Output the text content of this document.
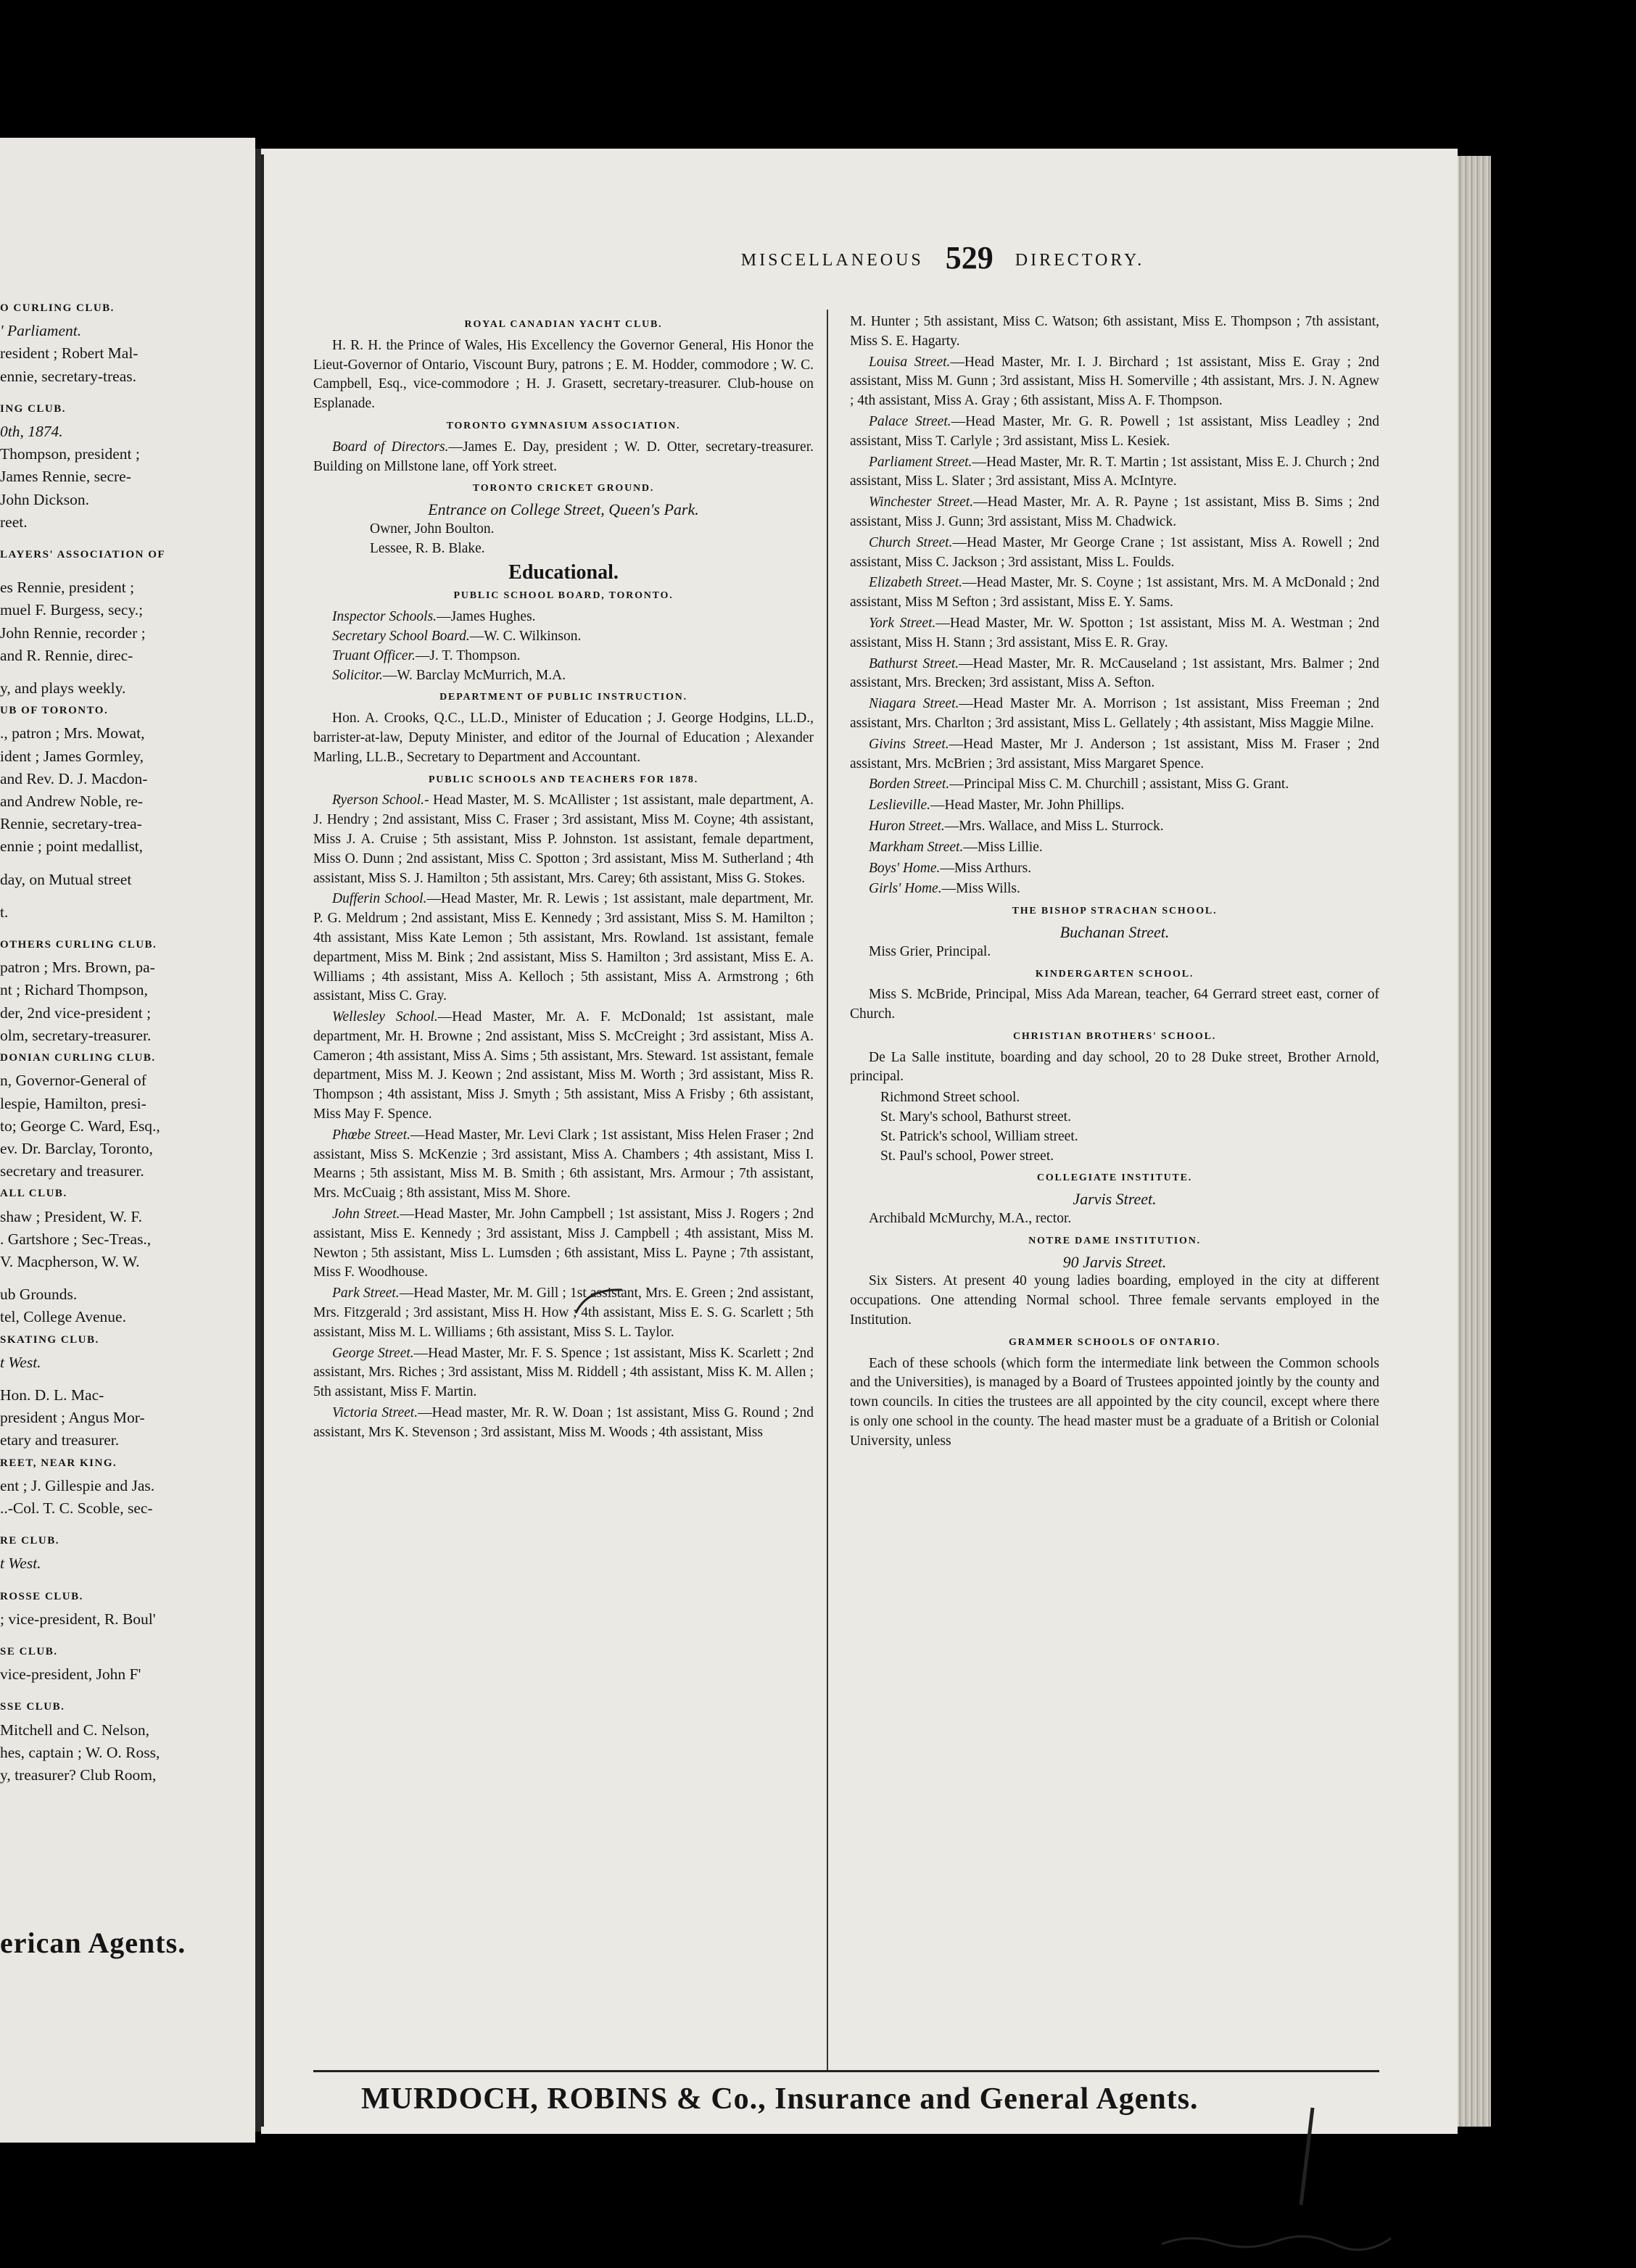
O CURLING CLUB.
' Parliament.
resident ; Robert Mal-
ennie, secretary-treas.
ING CLUB.
0th, 1874.
Thompson, president ;
James Rennie, secre-
John Dickson.
reet.
LAYERS' ASSOCIATION OF
es Rennie, president ;
muel F. Burgess, secy.;
John Rennie, recorder ;
and R. Rennie, direc-
y, and plays weekly.
UB OF TORONTO.
., patron ; Mrs. Mowat,
ident ; James Gormley,
and Rev. D. J. Macdon-
and Andrew Noble, re-
Rennie, secretary-trea-
ennie ; point medallist,
day, on Mutual street
t.
OTHERS CURLING CLUB.
patron ; Mrs. Brown, pa-
nt ; Richard Thompson,
der, 2nd vice-president ;
olm, secretary-treasurer.
DONIAN CURLING CLUB.
n, Governor-General of
lespie, Hamilton, presi-
to; George C. Ward, Esq.,
ev. Dr. Barclay, Toronto,
secretary and treasurer.
ALL CLUB.
shaw ; President, W. F.
. Gartshore ; Sec-Treas.,
V. Macpherson, W. W.
ub Grounds.
tel, College Avenue.
SKATING CLUB.
t West.
Hon. D. L. Mac-
president ; Angus Mor-
etary and treasurer.
REET, NEAR KING.
ent ; J. Gillespie and Jas.
..-Col. T. C. Scoble, sec-
RE CLUB.
t West.
ROSSE CLUB.
; vice-president, R. Boul'
SE CLUB.
vice-president, John F'
SSE CLUB.
Mitchell and C. Nelson,
hes, captain ; W. O. Ross,
y, treasurer? Club Room,
erican Agents.
MISCELLANEOUS 529 DIRECTORY.
ROYAL CANADIAN YACHT CLUB.

H. R. H. the Prince of Wales, His Excellency the Governor General, His Honor the Lieut-Governor of Ontario, Viscount Bury, patrons ; E. M. Hodder, commodore ; W. C. Campbell, Esq., vice-commodore ; H. J. Grasett, secretary-treasurer. Club-house on Esplanade.

TORONTO GYMNASIUM ASSOCIATION.

Board of Directors.—James E. Day, president ; W. D. Otter, secretary-treasurer. Building on Millstone lane, off York street.

TORONTO CRICKET GROUND.
Entrance on College Street, Queen's Park.
Owner, John Boulton.
Lessee, R. B. Blake.
Educational.
PUBLIC SCHOOL BOARD, TORONTO.
Inspector Schools.—James Hughes.
Secretary School Board.—W. C. Wilkinson.
Truant Officer.—J. T. Thompson.
Solicitor.—W. Barclay McMurrich, M.A.
DEPARTMENT OF PUBLIC INSTRUCTION.

Hon. A. Crooks, Q.C., LL.D., Minister of Education ; J. George Hodgins, LL.D., barrister-at-law, Deputy Minister, and editor of the Journal of Education ; Alexander Marling, LL.B., Secretary to Department and Accountant.

PUBLIC SCHOOLS AND TEACHERS FOR 1878.

Ryerson School.- Head Master, M. S. McAllister ; 1st assistant, male department, A. J. Hendry ; 2nd assistant, Miss C. Fraser ; 3rd assistant, Miss M. Coyne; 4th assistant, Miss J. A. Cruise ; 5th assistant, Miss P. Johnston. 1st assistant, female department, Miss O. Dunn ; 2nd assistant, Miss C. Spotton ; 3rd assistant, Miss M. Sutherland ; 4th assistant, Miss S. J. Hamilton ; 5th assistant, Mrs. Carey; 6th assistant, Miss G. Stokes.

Dufferin School.—Head Master, Mr. R. Lewis ; 1st assistant, male department, Mr. P. G. Meldrum ; 2nd assistant, Miss E. Kennedy ; 3rd assistant, Miss S. M. Hamilton ; 4th assistant, Miss Kate Lemon ; 5th assistant, Mrs. Rowland. 1st assistant, female department, Miss M. Bink ; 2nd assistant, Miss S. Hamilton ; 3rd assistant, Miss E. A. Williams ; 4th assistant, Miss A. Kelloch ; 5th assistant, Miss A. Armstrong ; 6th assistant, Miss C. Gray.

Wellesley School.—Head Master, Mr. A. F. McDonald; 1st assistant, male department, Mr. H. Browne ; 2nd assistant, Miss S. McCreight ; 3rd assistant, Miss A. Cameron ; 4th assistant, Miss A. Sims ; 5th assistant, Mrs. Steward. 1st assistant, female department, Miss M. J. Keown ; 2nd assistant, Miss M. Worth ; 3rd assistant, Miss R. Thompson ; 4th assistant, Miss J. Smyth ; 5th assistant, Miss A Frisby ; 6th assistant, Miss May F. Spence.

Phœbe Street.—Head Master, Mr. Levi Clark ; 1st assistant, Miss Helen Fraser ; 2nd assistant, Miss S. McKenzie ; 3rd assistant, Miss A. Chambers ; 4th assistant, Miss I. Mearns ; 5th assistant, Miss M. B. Smith ; 6th assistant, Mrs. Armour ; 7th assistant, Mrs. McCuaig ; 8th assistant, Miss M. Shore.

John Street.—Head Master, Mr. John Campbell ; 1st assistant, Miss J. Rogers ; 2nd assistant, Miss E. Kennedy ; 3rd assistant, Miss J. Campbell ; 4th assistant, Miss M. Newton ; 5th assistant, Miss L. Lumsden ; 6th assistant, Miss L. Payne ; 7th assistant, Miss F. Woodhouse.

Park Street.—Head Master, Mr. M. Gill ; 1st assistant, Mrs. E. Green ; 2nd assistant, Mrs. Fitzgerald ; 3rd assistant, Miss H. How ; 4th assistant, Miss E. S. G. Scarlett ; 5th assistant, Miss M. L. Williams ; 6th assistant, Miss S. L. Taylor.

George Street.—Head Master, Mr. F. S. Spence ; 1st assistant, Miss K. Scarlett ; 2nd assistant, Mrs. Riches ; 3rd assistant, Miss M. Riddell ; 4th assistant, Miss K. M. Allen ; 5th assistant, Miss F. Martin.

Victoria Street.—Head master, Mr. R. W. Doan ; 1st assistant, Miss G. Round ; 2nd assistant, Mrs K. Stevenson ; 3rd assistant, Miss M. Woods ; 4th assistant, Miss

M. Hunter ; 5th assistant, Miss C. Watson; 6th assistant, Miss E. Thompson ; 7th assistant, Miss S. E. Hagarty.

Louisa Street.—Head Master, Mr. I. J. Birchard ; 1st assistant, Miss E. Gray ; 2nd assistant, Miss M. Gunn ; 3rd assistant, Miss H. Somerville ; 4th assistant, Mrs. J. N. Agnew ; 4th assistant, Miss A. Gray ; 6th assistant, Miss A. F. Thompson.

Palace Street.—Head Master, Mr. G. R. Powell ; 1st assistant, Miss Leadley ; 2nd assistant, Miss T. Carlyle ; 3rd assistant, Miss L. Kesiek.

Parliament Street.—Head Master, Mr. R. T. Martin ; 1st assistant, Miss E. J. Church ; 2nd assistant, Miss L. Slater ; 3rd assistant, Miss A. McIntyre.

Winchester Street.—Head Master, Mr. A. R. Payne ; 1st assistant, Miss B. Sims ; 2nd assistant, Miss J. Gunn; 3rd assistant, Miss M. Chadwick.

Church Street.—Head Master, Mr George Crane ; 1st assistant, Miss A. Rowell ; 2nd assistant, Miss C. Jackson ; 3rd assistant, Miss L. Foulds.

Elizabeth Street.—Head Master, Mr. S. Coyne ; 1st assistant, Mrs. M. A McDonald ; 2nd assistant, Miss M Sefton ; 3rd assistant, Miss E. Y. Sams.

York Street.—Head Master, Mr. W. Spotton ; 1st assistant, Miss M. A. Westman ; 2nd assistant, Miss H. Stann ; 3rd assistant, Miss E. R. Gray.

Bathurst Street.—Head Master, Mr. R. McCauseland ; 1st assistant, Mrs. Balmer ; 2nd assistant, Mrs. Brecken; 3rd assistant, Miss A. Sefton.

Niagara Street.—Head Master Mr. A. Morrison ; 1st assistant, Miss Freeman ; 2nd assistant, Mrs. Charlton ; 3rd assistant, Miss L. Gellately ; 4th assistant, Miss Maggie Milne.

Givins Street.—Head Master, Mr J. Anderson ; 1st assistant, Miss M. Fraser ; 2nd assistant, Mrs. McBrien ; 3rd assistant, Miss Margaret Spence.

Borden Street.—Principal Miss C. M. Churchill ; assistant, Miss G. Grant.

Leslieville.—Head Master, Mr. John Phillips.

Huron Street.—Mrs. Wallace, and Miss L. Sturrock.

Markham Street.—Miss Lillie.

Boys' Home.—Miss Arthurs.

Girls' Home.—Miss Wills.

THE BISHOP STRACHAN SCHOOL.
Buchanan Street.

Miss Grier, Principal.

KINDERGARTEN SCHOOL.

Miss S. McBride, Principal, Miss Ada Marean, teacher, 64 Gerrard street east, corner of Church.

CHRISTIAN BROTHERS' SCHOOL.

De La Salle institute, boarding and day school, 20 to 28 Duke street, Brother Arnold, principal.

Richmond Street school.
St. Mary's school, Bathurst street.
St. Patrick's school, William street.
St. Paul's school, Power street.
COLLEGIATE INSTITUTE.
Jarvis Street.

Archibald McMurchy, M.A., rector.

NOTRE DAME INSTITUTION.
90 Jarvis Street.

Six Sisters. At present 40 young ladies boarding, employed in the city at different occupations. One attending Normal school. Three female servants employed in the Institution.

GRAMMER SCHOOLS OF ONTARIO.

Each of these schools (which form the intermediate link between the Common schools and the Universities), is managed by a Board of Trustees appointed jointly by the county and town councils. In cities the trustees are all appointed by the city council, except where there is only one school in the county. The head master must be a graduate of a British or Colonial University, unless

MURDOCH, ROBINS & Co., Insurance and General Agents.
